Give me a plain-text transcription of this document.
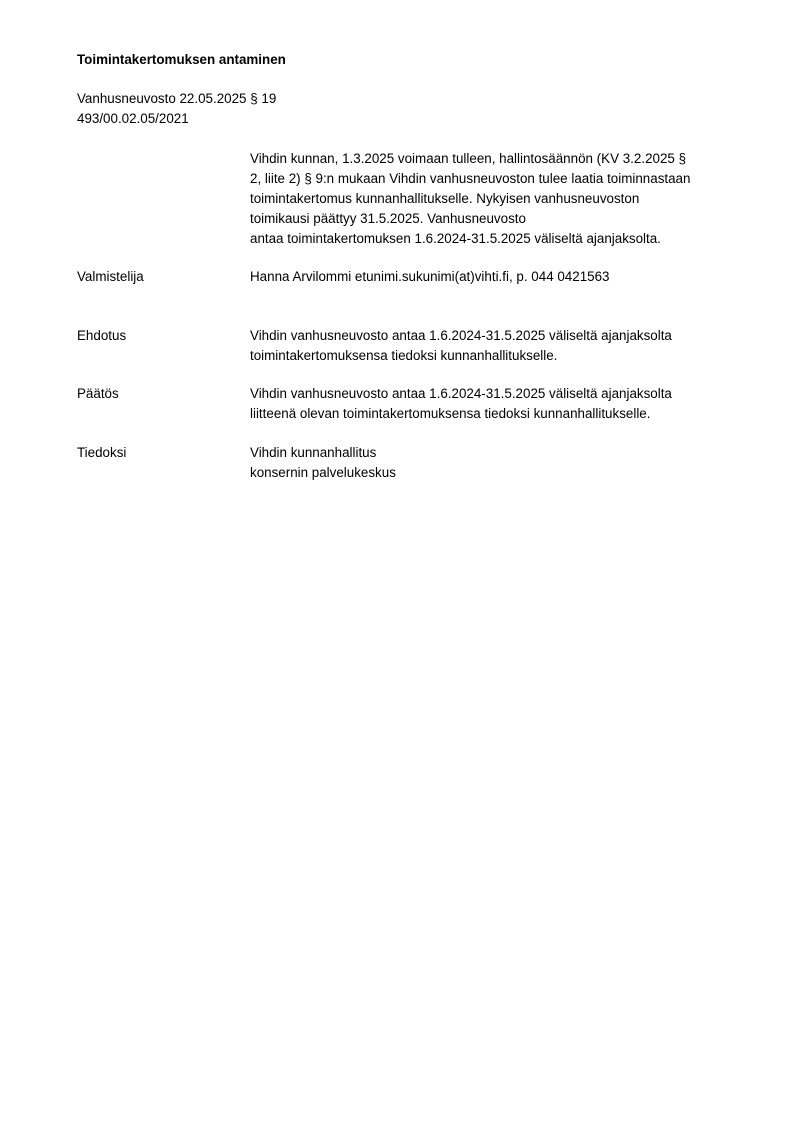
Toimintakertomuksen antaminen
Vanhusneuvosto 22.05.2025 § 19
493/00.02.05/2021
Vihdin kunnan, 1.3.2025 voimaan tulleen, hallintosäännön (KV 3.2.2025 §
2, liite 2) § 9:n mukaan Vihdin vanhusneuvoston tulee laatia toiminnastaan
toimintakertomus kunnanhallitukselle. Nykyisen vanhusneuvoston
toimikausi päättyy 31.5.2025. Vanhusneuvosto
antaa toimintakertomuksen 1.6.2024-31.5.2025 väliseltä ajanjaksolta.
Valmistelija	Hanna Arvilommi etunimi.sukunimi(at)vihti.fi, p. 044 0421563
Ehdotus	Vihdin vanhusneuvosto antaa 1.6.2024-31.5.2025 väliseltä ajanjaksolta
toimintakertomuksensa tiedoksi kunnanhallitukselle.
Päätös	Vihdin vanhusneuvosto antaa 1.6.2024-31.5.2025 väliseltä ajanjaksolta
liitteenä olevan toimintakertomuksensa tiedoksi kunnanhallitukselle.
Tiedoksi	Vihdin kunnanhallitus
konsernin palvelukeskus
